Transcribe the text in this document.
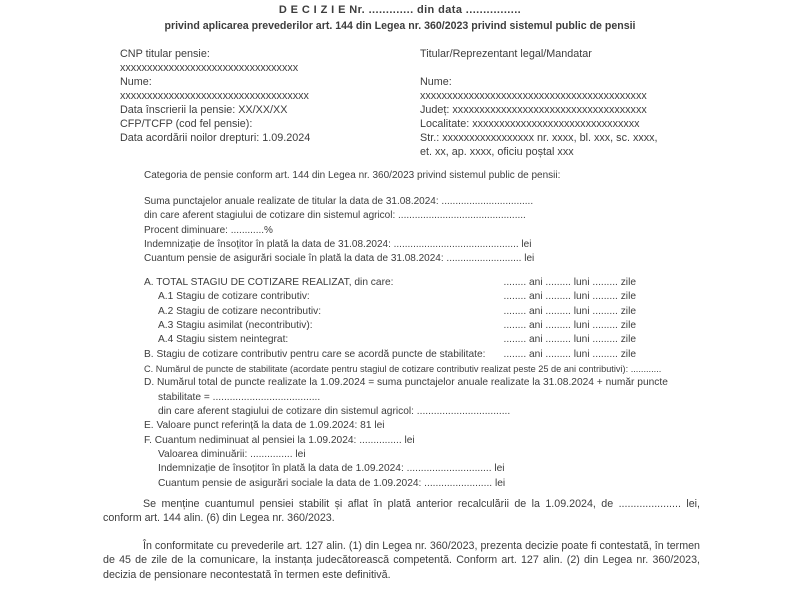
D E C I Z I E Nr. ............. din data ................
privind aplicarea prevederilor art. 144 din Legea nr. 360/2023 privind sistemul public de pensii
CNP titular pensie:
xxxxxxxxxxxxxxxxxxxxxxxxxxxxxxxxx
Nume:
xxxxxxxxxxxxxxxxxxxxxxxxxxxxxxxxxxx
Data înscrierii la pensie: XX/XX/XX
CFP/TCFP (cod fel pensie):
Data acordării noilor drepturi: 1.09.2024
Titular/Reprezentant legal/Mandatar
Nume:
xxxxxxxxxxxxxxxxxxxxxxxxxxxxxxxxxxxxxxxxxx
Județ: xxxxxxxxxxxxxxxxxxxxxxxxxxxxxxxxxxxx
Localitate: xxxxxxxxxxxxxxxxxxxxxxxxxxxxxxx
Str.: xxxxxxxxxxxxxxxxx nr. xxxx, bl. xxx, sc. xxxx,
et. xx, ap. xxxx, oficiu poștal xxx
Categoria de pensie conform art. 144 din Legea nr. 360/2023 privind sistemul public de pensii:
Suma punctajelor anuale realizate de titular la data de 31.08.2024: .................................
din care aferent stagiului de cotizare din sistemul agricol: ..............................................
Procent diminuare: ............%
Indemnizație de însoțitor în plată la data de 31.08.2024: ............................................. lei
Cuantum pensie de asigurări sociale în plată la data de 31.08.2024: ........................... lei
A. TOTAL STAGIU DE COTIZARE REALIZAT, din care:	........ ani ......... luni ......... zile
A.1 Stagiu de cotizare contributiv:	........ ani ......... luni ......... zile
A.2 Stagiu de cotizare necontributiv:	........ ani ......... luni ......... zile
A.3 Stagiu asimilat (necontributiv):	........ ani ......... luni ......... zile
A.4 Stagiu sistem neintegrat:	........ ani ......... luni ......... zile
B. Stagiu de cotizare contributiv pentru care se acordă puncte de stabilitate: ........ ani ......... luni ......... zile
C. Numărul de puncte de stabilitate (acordate pentru stagiul de cotizare contributiv realizat peste 25 de ani contributivi): ............
D. Numărul total de puncte realizate la 1.09.2024 = suma punctajelor anuale realizate la 31.08.2024 + număr puncte
stabilitate = ......................................
din care aferent stagiului de cotizare din sistemul agricol: .................................
E. Valoare punct referință la data de 1.09.2024: 81 lei
F. Cuantum nediminuat al pensiei la 1.09.2024: ............... lei
Valoarea diminuării: ............... lei
Indemnizație de însoțitor în plată la data de 1.09.2024: .............................. lei
Cuantum pensie de asigurări sociale la data de 1.09.2024: ........................ lei

Se menține cuantumul pensiei stabilit și aflat în plată anterior recalculării de la 1.09.2024, de ..................... lei, conform art. 144 alin. (6) din Legea nr. 360/2023.

În conformitate cu prevederile art. 127 alin. (1) din Legea nr. 360/2023, prezenta decizie poate fi contestată, în termen de 45 de zile de la comunicare, la instanța judecătorească competentă. Conform art. 127 alin. (2) din Legea nr. 360/2023, decizia de pensionare necontestată în termen este definitivă.
